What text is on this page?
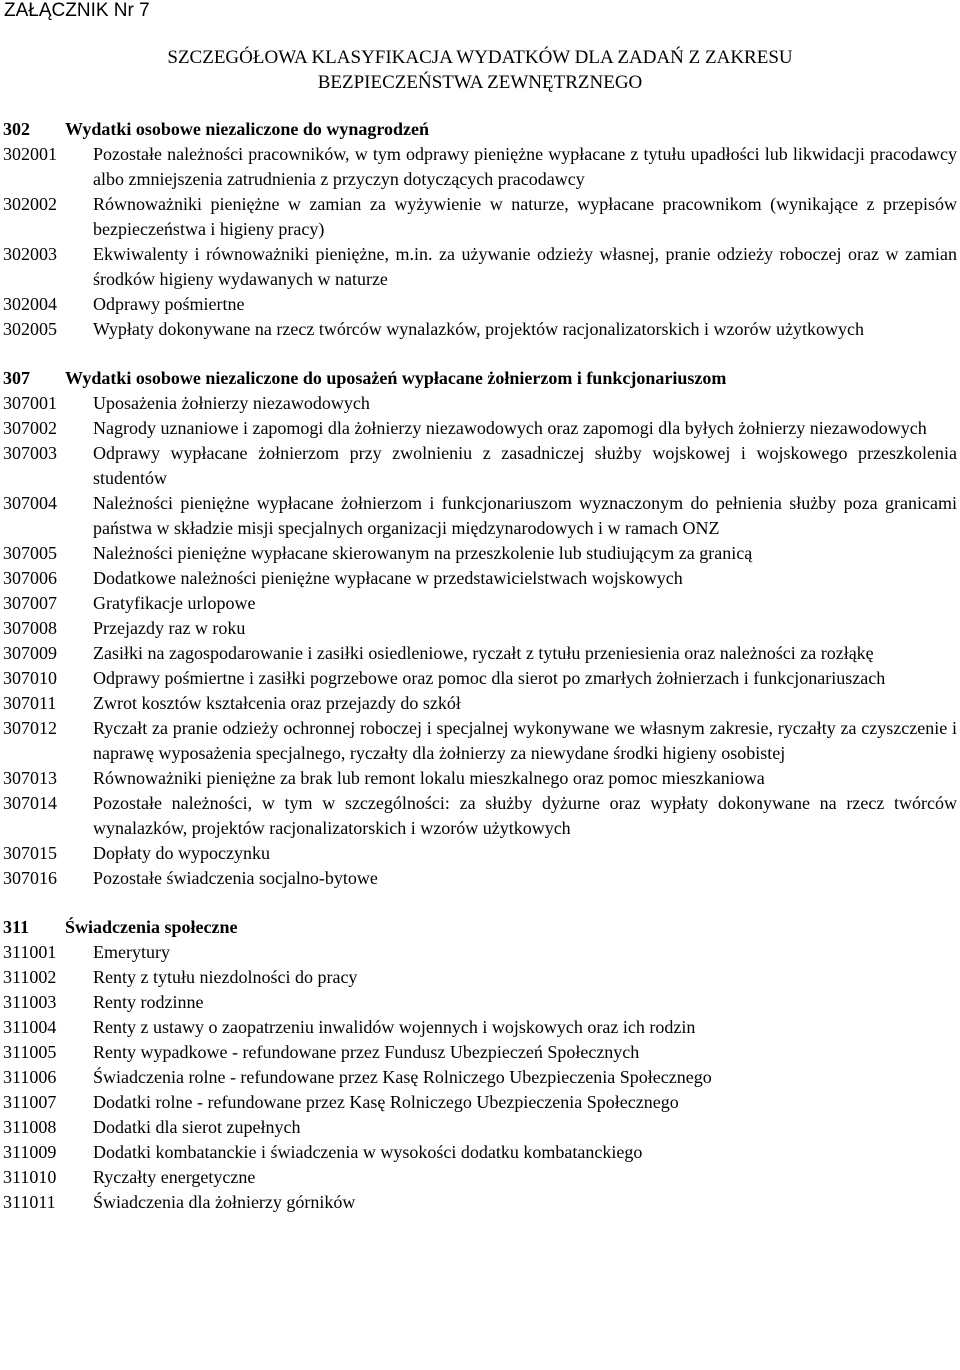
ZAŁĄCZNIK Nr 7
SZCZEGÓŁOWA KLASYFIKACJA WYDATKÓW DLA ZADAŃ Z ZAKRESU
BEZPIECZEŃSTWA ZEWNĘTRZNEGO
302	Wydatki osobowe niezaliczone do wynagrodzeń
302001	Pozostałe należności pracowników, w tym odprawy pieniężne wypłacane z tytułu upadłości lub likwidacji pracodawcy albo zmniejszenia zatrudnienia z przyczyn dotyczących pracodawcy
302002	Równoważniki pieniężne w zamian za wyżywienie w naturze, wypłacane pracownikom (wynikające z przepisów bezpieczeństwa i higieny pracy)
302003	Ekwiwalenty i równoważniki pieniężne, m.in. za używanie odzieży własnej, pranie odzieży roboczej oraz w zamian środków higieny wydawanych w naturze
302004	Odprawy pośmiertne
302005	Wypłaty dokonywane na rzecz twórców wynalazków, projektów racjonalizatorskich i wzorów użytkowych
307	Wydatki osobowe niezaliczone do uposażeń wypłacane żołnierzom i funkcjonariuszom
307001	Uposażenia żołnierzy niezawodowych
307002	Nagrody uznaniowe i zapomogi dla żołnierzy niezawodowych oraz zapomogi dla byłych żołnierzy niezawodowych
307003	Odprawy wypłacane żołnierzom przy zwolnieniu z zasadniczej służby wojskowej i wojskowego przeszkolenia studentów
307004	Należności pieniężne wypłacane żołnierzom i funkcjonariuszom wyznaczonym do pełnienia służby poza granicami państwa w składzie misji specjalnych organizacji międzynarodowych i w ramach ONZ
307005	Należności pieniężne wypłacane skierowanym na przeszkolenie lub studiującym za granicą
307006	Dodatkowe należności pieniężne wypłacane w przedstawicielstwach wojskowych
307007	Gratyfikacje urlopowe
307008	Przejazdy raz w roku
307009	Zasiłki na zagospodarowanie i zasiłki osiedleniowe, ryczałt z tytułu przeniesienia oraz należności za rozłąkę
307010	Odprawy pośmiertne i zasiłki pogrzebowe oraz pomoc dla sierot po zmarłych żołnierzach i funkcjonariuszach
307011	Zwrot kosztów kształcenia oraz przejazdy do szkół
307012	Ryczałt za pranie odzieży ochronnej roboczej i specjalnej wykonywane we własnym zakresie, ryczałty za czyszczenie i naprawę wyposażenia specjalnego, ryczałty dla żołnierzy za niewydane środki higieny osobistej
307013	Równoważniki pieniężne za brak lub remont lokalu mieszkalnego oraz pomoc mieszkaniowa
307014	Pozostałe należności, w tym w szczególności: za służby dyżurne oraz wypłaty dokonywane na rzecz twórców wynalazków, projektów racjonalizatorskich i wzorów użytkowych
307015	Dopłaty do wypoczynku
307016	Pozostałe świadczenia socjalno-bytowe
311	Świadczenia społeczne
311001	Emerytury
311002	Renty z tytułu niezdolności do pracy
311003	Renty rodzinne
311004	Renty z ustawy o zaopatrzeniu inwalidów wojennych i wojskowych oraz ich rodzin
311005	Renty wypadkowe - refundowane przez Fundusz Ubezpieczeń Społecznych
311006	Świadczenia rolne - refundowane przez Kasę Rolniczego Ubezpieczenia Społecznego
311007	Dodatki rolne - refundowane przez Kasę Rolniczego Ubezpieczenia Społecznego
311008	Dodatki dla sierot zupełnych
311009	Dodatki kombatanckie i świadczenia w wysokości dodatku kombatanckiego
311010	Ryczałty energetyczne
311011	Świadczenia dla żołnierzy górników
